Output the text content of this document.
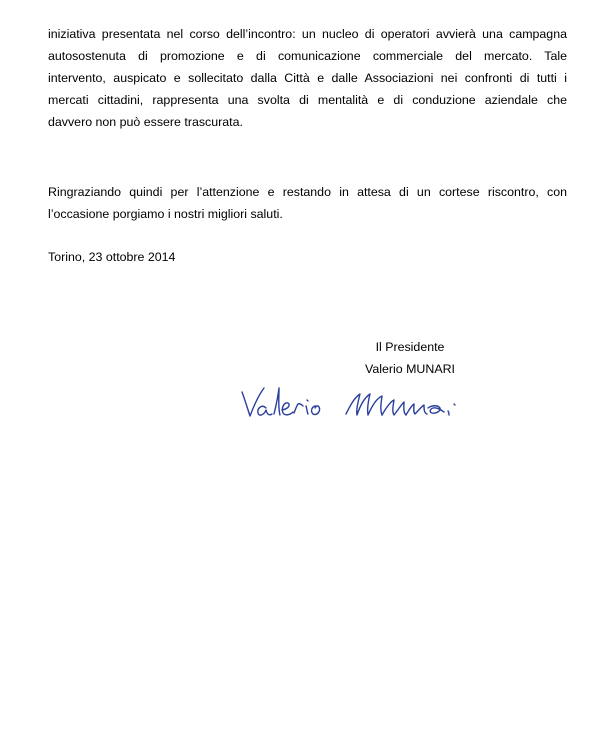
iniziativa presentata nel corso dell’incontro: un nucleo di operatori avvierà una campagna
autosostenuta di promozione e di comunicazione commerciale del mercato. Tale
intervento, auspicato e sollecitato dalla Città e dalle Associazioni nei confronti di tutti i
mercati cittadini, rappresenta una svolta di mentalità e di conduzione aziendale che
davvero non può essere trascurata.

Ringraziando quindi per l’attenzione e restando in attesa di un cortese riscontro, con
l’occasione porgiamo i nostri migliori saluti.

Torino, 23 ottobre 2014

Il Presidente
Valerio MUNARI
